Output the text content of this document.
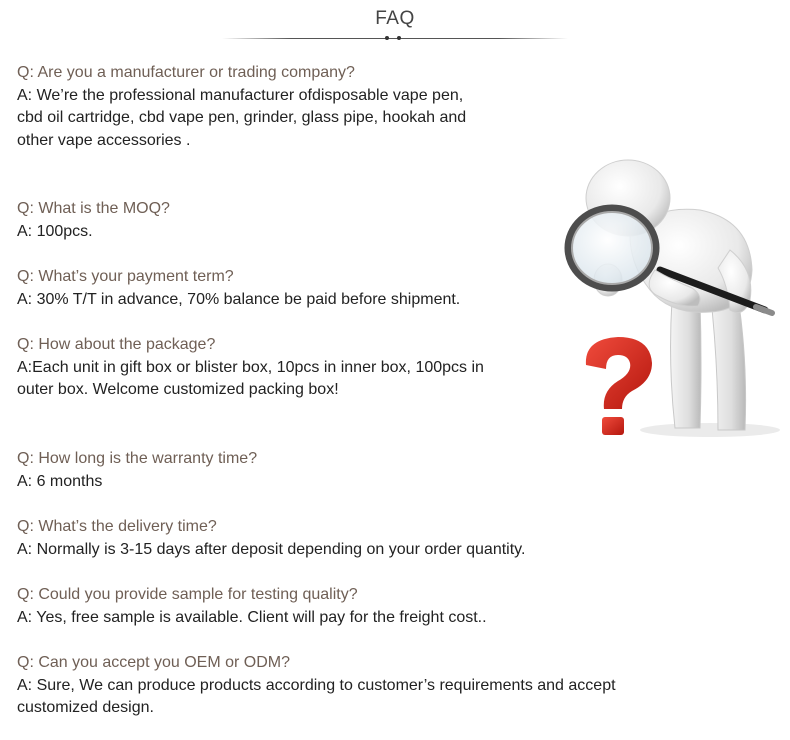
FAQ
Q: Are you a manufacturer or trading company?
A: We’re the professional manufacturer ofdisposable vape pen,
cbd oil cartridge, cbd vape pen, grinder, glass pipe, hookah and
other vape accessories .
Q: What is the MOQ?
A: 100pcs.
Q: What’s your payment term?
A: 30% T/T in advance, 70% balance be paid before shipment.
Q: How about the package?
A:Each unit in gift box or blister box, 10pcs in inner box, 100pcs in
outer box. Welcome customized packing box!
Q: How long is the warranty time?
A: 6 months
Q: What’s the delivery time?
A: Normally is 3-15 days after deposit depending on your order quantity.
Q: Could you provide sample for testing quality?
A: Yes, free sample is available. Client will pay for the freight cost..
Q: Can you accept you OEM or ODM?
A: Sure, We can produce products according to customer’s requirements and accept
customized design.
